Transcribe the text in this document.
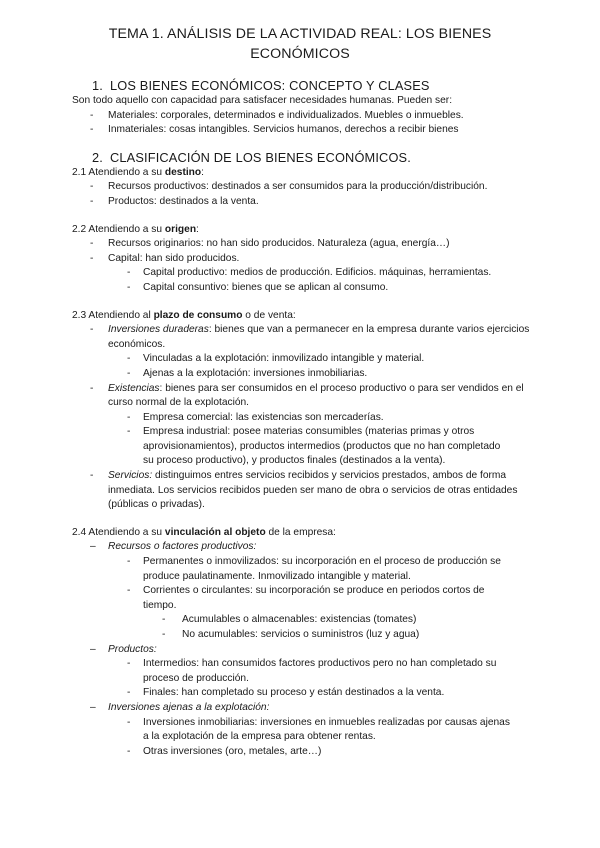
TEMA 1. ANÁLISIS DE LA ACTIVIDAD REAL: LOS BIENES ECONÓMICOS
1. LOS BIENES ECONÓMICOS: CONCEPTO Y CLASES
Son todo aquello con capacidad para satisfacer necesidades humanas. Pueden ser:
- Materiales: corporales, determinados e individualizados. Muebles o inmuebles.
- Inmateriales: cosas intangibles. Servicios humanos, derechos a recibir bienes
2. CLASIFICACIÓN DE LOS BIENES ECONÓMICOS.
2.1 Atendiendo a su destino:
- Recursos productivos: destinados a ser consumidos para la producción/distribución.
- Productos: destinados a la venta.
2.2 Atendiendo a su origen:
- Recursos originarios: no han sido producidos. Naturaleza (agua, energía…)
- Capital: han sido producidos.
- Capital productivo: medios de producción. Edificios. máquinas, herramientas.
- Capital consuntivo: bienes que se aplican al consumo.
2.3 Atendiendo al plazo de consumo o de venta:
- Inversiones duraderas: bienes que van a permanecer en la empresa durante varios ejercicios económicos.
- Vinculadas a la explotación: inmovilizado intangible y material.
- Ajenas a la explotación: inversiones inmobiliarias.
- Existencias: bienes para ser consumidos en el proceso productivo o para ser vendidos en el curso normal de la explotación.
- Empresa comercial: las existencias son mercaderías.
- Empresa industrial: posee materias consumibles (materias primas y otros aprovisionamientos), productos intermedios (productos que no han completado su proceso productivo), y productos finales (destinados a la venta).
- Servicios: distinguimos entres servicios recibidos y servicios prestados, ambos de forma inmediata. Los servicios recibidos pueden ser mano de obra o servicios de otras entidades (públicas o privadas).
2.4 Atendiendo a su vinculación al objeto de la empresa:
– Recursos o factores productivos:
- Permanentes o inmovilizados: su incorporación en el proceso de producción se produce paulatinamente. Inmovilizado intangible y material.
- Corrientes o circulantes: su incorporación se produce en periodos cortos de tiempo.
- Acumulables o almacenables: existencias (tomates)
- No acumulables: servicios o suministros (luz y agua)
– Productos:
- Intermedios: han consumidos factores productivos pero no han completado su proceso de producción.
- Finales: han completado su proceso y están destinados a la venta.
– Inversiones ajenas a la explotación:
- Inversiones inmobiliarias: inversiones en inmuebles realizadas por causas ajenas a la explotación de la empresa para obtener rentas.
- Otras inversiones (oro, metales, arte…)
